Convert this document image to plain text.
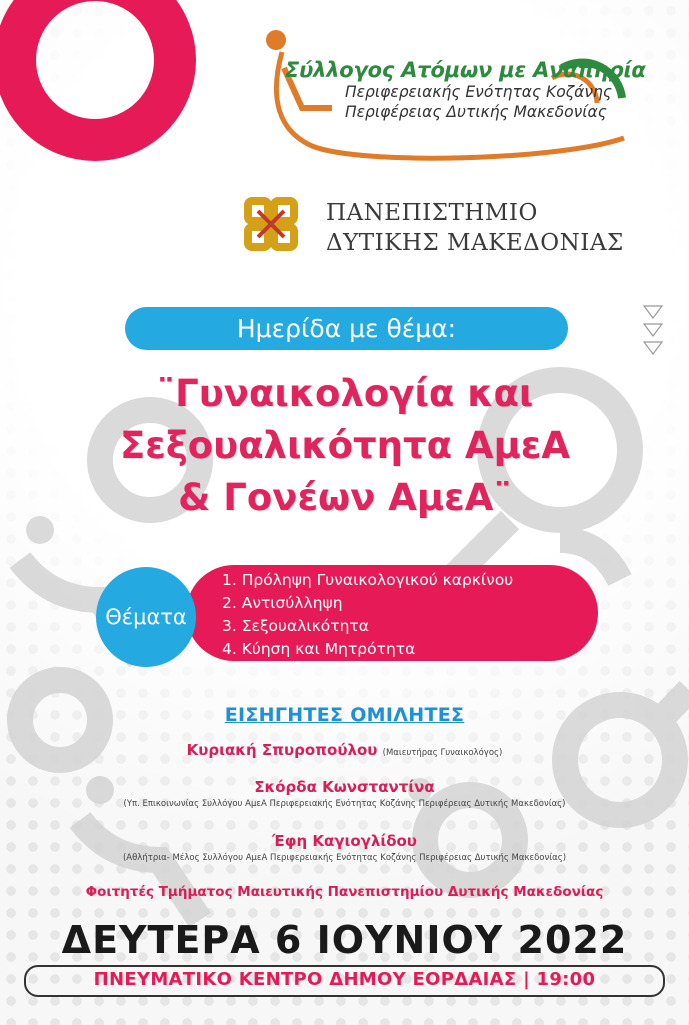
Σύλλογος Ατόμων με Αναπηρία
Περιφερειακής Ενότητας Κοζάνης
Περιφέρειας Δυτικής Μακεδονίας
ΠΑΝΕΠΙΣΤΗΜΙΟ
ΔΥΤΙΚΗΣ ΜΑΚΕΔΟΝΙΑΣ
Ημερίδα με θέμα:
¨Γυναικολογία και
Σεξουαλικότητα ΑμεΑ
& Γονέων ΑμεΑ¨
Θέματα
1. Πρόληψη Γυναικολογικού καρκίνου
2. Αντισύλληψη
3. Σεξουαλικότητα
4. Κύηση και Μητρότητα
ΕΙΣΗΓΗΤΕΣ ΟΜΙΛΗΤΕΣ
Κυριακή Σπυροπούλου (Μαιευτήρας Γυναικολόγος)
Σκόρδα Κωνσταντίνα
(Υπ. Επικοινωνίας Συλλόγου ΑμεΑ Περιφερειακής Ενότητας Κοζάνης Περιφέρειας Δυτικής Μακεδονίας)
Έφη Καγιογλίδου
(Αθλήτρια- Μέλος Συλλόγου ΑμεΑ Περιφερειακής Ενότητας Κοζάνης Περιφέρειας Δυτικής Μακεδονίας)
Φοιτητές Τμήματος Μαιευτικής Πανεπιστημίου Δυτικής Μακεδονίας
ΔΕΥΤΕΡΑ 6 ΙΟΥΝΙΟΥ 2022
ΠΝΕΥΜΑΤΙΚΟ ΚΕΝΤΡΟ ΔΗΜΟΥ ΕΟΡΔΑΙΑΣ | 19:00
